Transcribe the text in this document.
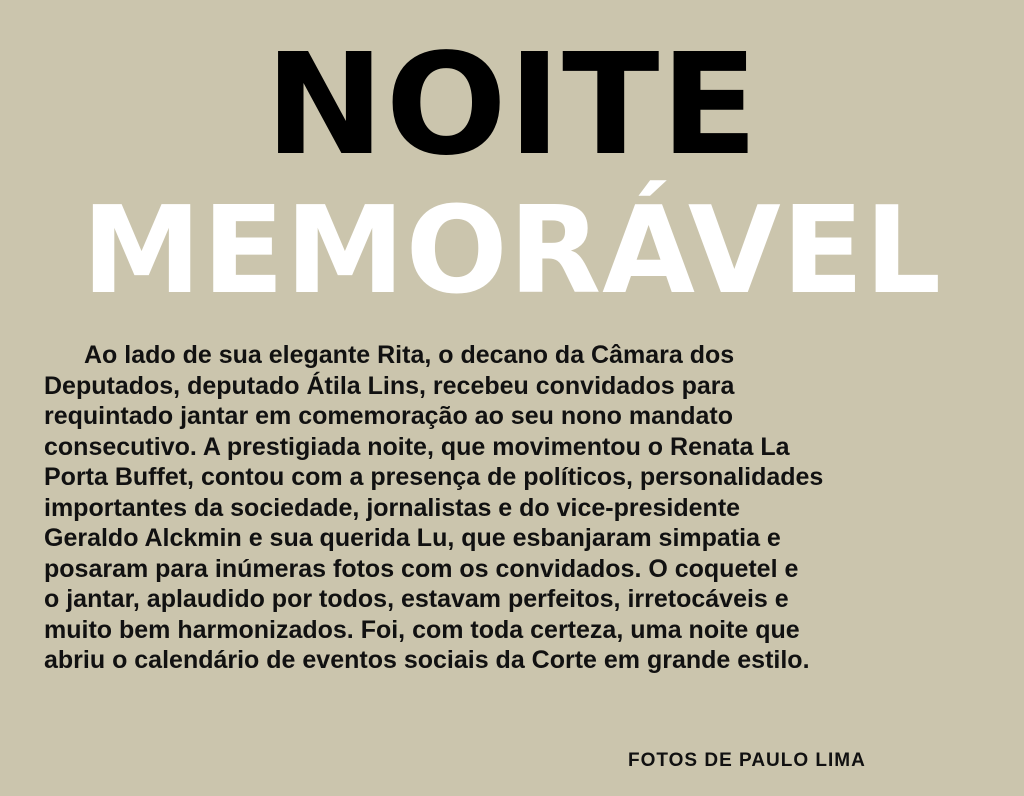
NOITE
MEMORÁVEL
Ao lado de sua elegante Rita, o decano da Câmara dos
Deputados, deputado Átila Lins, recebeu convidados para
requintado jantar em comemoração ao seu nono mandato
consecutivo. A prestigiada noite, que movimentou o Renata La
Porta Buffet, contou com a presença de políticos, personalidades
importantes da sociedade, jornalistas e do vice-presidente
Geraldo Alckmin e sua querida Lu, que esbanjaram simpatia e
posaram para inúmeras fotos com os convidados. O coquetel e
o jantar, aplaudido por todos, estavam perfeitos, irretocáveis e
muito bem harmonizados. Foi, com toda certeza, uma noite que
abriu o calendário de eventos sociais da Corte em grande estilo.
FOTOS DE PAULO LIMA
